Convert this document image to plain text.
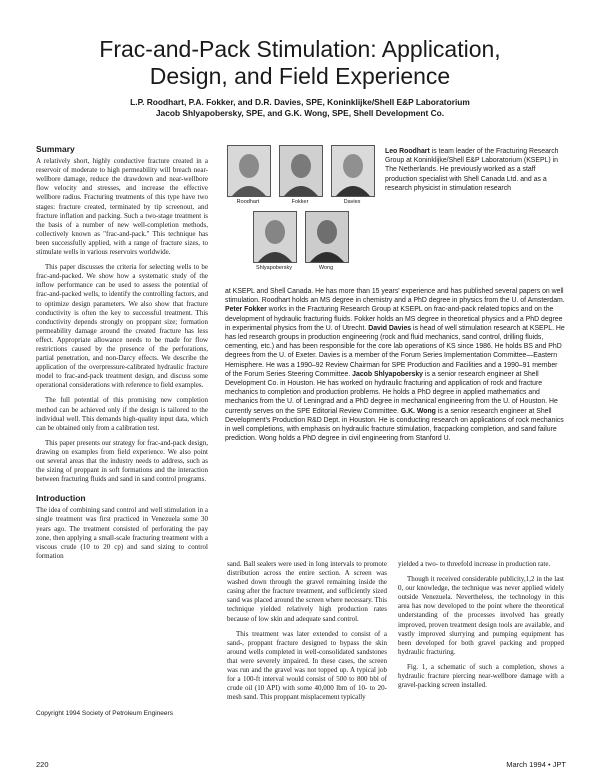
Frac-and-Pack Stimulation: Application,
Design, and Field Experience
L.P. Roodhart, P.A. Fokker, and D.R. Davies, SPE, Koninklijke/Shell E&P Laboratorium
Jacob Shlyapobersky, SPE, and G.K. Wong, SPE, Shell Development Co.
Summary

A relatively short, highly conductive fracture created in a reservoir of moderate to high permeability will breach near-wellbore damage, reduce the drawdown and near-wellbore flow velocity and stresses, and increase the effective wellbore radius. Fracturing treatments of this type have two stages: fracture created, terminated by tip screenout, and fracture inflation and packing. Such a two-stage treatment is the basis of a number of new well-completion methods, collectively known as "frac-and-pack." This technique has been successfully applied, with a range of fracture sizes, to stimulate wells in various reservoirs worldwide.

This paper discusses the criteria for selecting wells to be frac-and-packed. We show how a systematic study of the inflow performance can be used to assess the potential of frac-and-packed wells, to identify the controlling factors, and to optimize design parameters. We also show that fracture conductivity is often the key to successful treatment. This conductivity depends strongly on proppant size; formation permeability damage around the created fracture has less effect. Appropriate allowance needs to be made for flow restrictions caused by the presence of the perforations, partial penetration, and non-Darcy effects. We describe the application of the overpressure-calibrated hydraulic fracture model to frac-and-pack treatment design, and discuss some operational considerations with reference to field examples.

The full potential of this promising new completion method can be achieved only if the design is tailored to the individual well. This demands high-quality input data, which can be obtained only from a calibration test.

This paper presents our strategy for frac-and-pack design, drawing on examples from field experience. We also point out several areas that the industry needs to address, such as the sizing of proppant in soft formations and the interaction between fracturing fluids and sand in sand control programs.

Introduction

The idea of combining sand control and well stimulation in a single treatment was first practiced in Venezuela some 30 years ago. The treatment consisted of perforating the pay zone, then applying a small-scale fracturing treatment with a viscous crude (10 to 20 cp) and sand sizing to control formation

Copyright 1994 Society of Petroleum Engineers
220	March 1994 • JPT
Roodhart	Fokker	Davies
Shlyapobersky	Wong
Leo Roodhart is team leader of the Fracturing Research Group at Koninklijke/Shell E&P Laboratorium (KSEPL) in The Netherlands. He previously worked as a staff production specialist with Shell Canada Ltd. and as a research physicist in stimulation research
at KSEPL and Shell Canada. He has more than 15 years' experience and has published several papers on well stimulation. Roodhart holds an MS degree in chemistry and a PhD degree in physics from the U. of Amsterdam. Peter Fokker works in the Fracturing Research Group at KSEPL on frac-and-pack related topics and on the development of hydraulic fracturing fluids. Fokker holds an MS degree in theoretical physics and a PhD degree in experimental physics from the U. of Utrecht. David Davies is head of well stimulation research at KSEPL. He has led research groups in production engineering (rock and fluid mechanics, sand control, drilling fluids, cementing, etc.) and has been responsible for the core lab operations of KS since 1986. He holds BS and PhD degrees from the U. of Exeter. Davies is a member of the Forum Series Implementation Committee—Eastern Hemisphere. He was a 1990–92 Review Chairman for SPE Production and Facilities and a 1990–91 member of the Forum Series Steering Committee. Jacob Shlyapobersky is a senior research engineer at Shell Development Co. in Houston. He has worked on hydraulic fracturing and application of rock and fracture mechanics to completion and production problems. He holds a PhD degree in applied mathematics and mechanics from the U. of Leningrad and a PhD degree in mechanical engineering from the U. of Houston. He currently serves on the SPE Editorial Review Committee. G.K. Wong is a senior research engineer at Shell Development's Production R&D Dept. in Houston. He is conducting research on applications of rock mechanics in well completions, with emphasis on hydraulic fracture stimulation, fracpacking completion, and sand failure prediction. Wong holds a PhD degree in civil engineering from Stanford U.

sand. Ball sealers were used in long intervals to promote distribution across the entire section. A screen was washed down through the gravel remaining inside the casing after the fracture treatment, and sufficiently sized sand was placed around the screen where necessary. This technique yielded relatively high production rates because of low skin and adequate sand control.

This treatment was later extended to consist of a sand-, proppant fracture designed to bypass the skin around wells completed in well-consolidated sandstones that were severely impaired. In these cases, the screen was run and the gravel was not topped up. A typical job for a 100-ft interval would consist of 500 to 800 bbl of crude oil (10 API) with some 40,000 lbm of 10- to 20-mesh sand. This proppant misplacement typically

yielded a two- to threefold increase in production rate.

Though it received considerable publicity,1,2 in the last 0, our knowledge, the technique was never applied widely outside Venezuela. Nevertheless, the technology in this area has now developed to the point where the theoretical understanding of the processes involved has greatly improved, proven treatment design tools are available, and vastly improved slurrying and pumping equipment has been developed for both gravel packing and propped hydraulic fracturing.

Fig. 1, a schematic of such a completion, shows a hydraulic fracture piercing near-wellbore damage with a gravel-packing screen installed.
